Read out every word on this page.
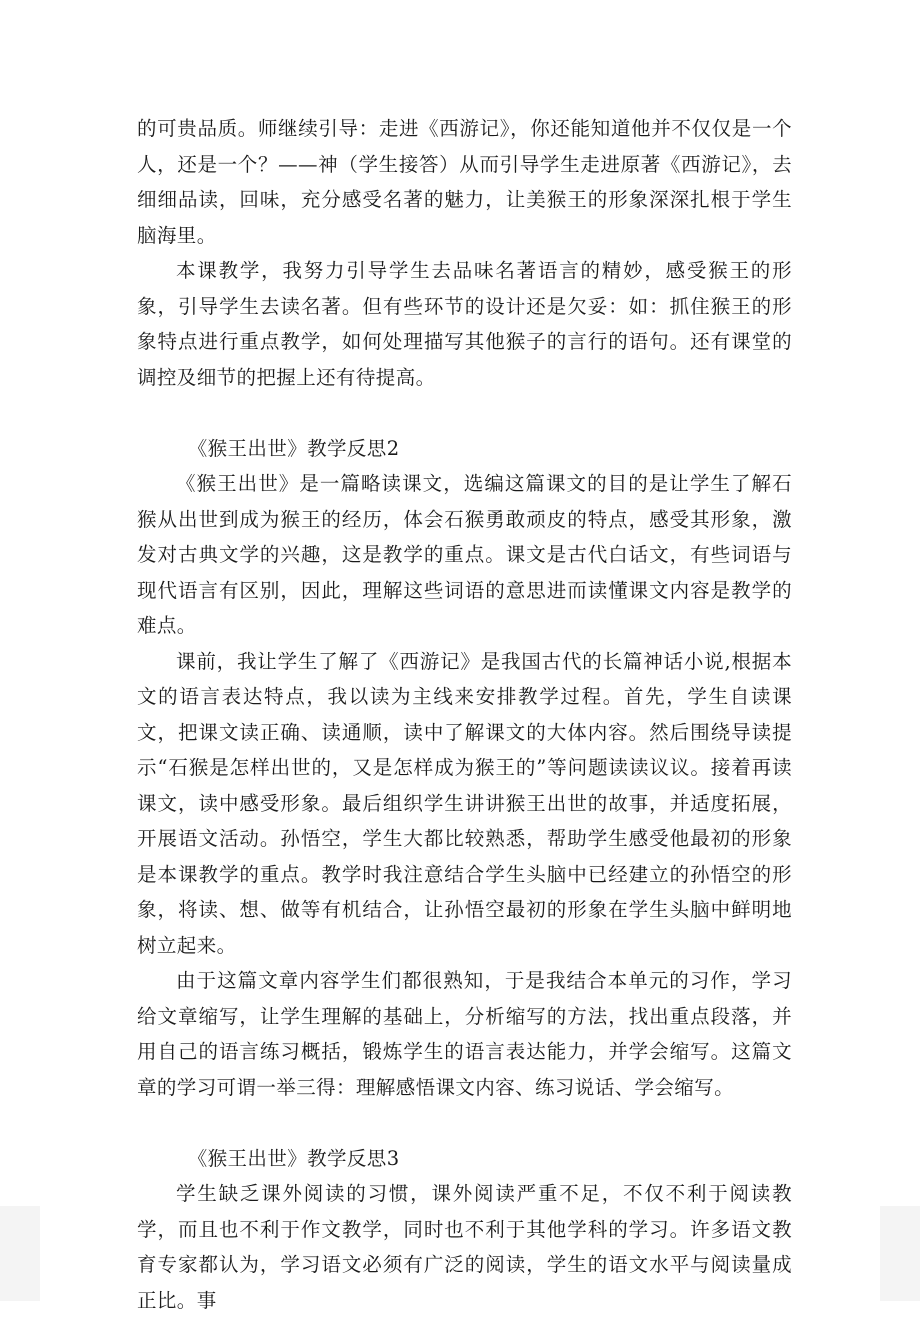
的可贵品质。师继续引导：走进《西游记》，你还能知道他并不仅仅是一个人，还是一个？——神（学生接答）从而引导学生走进原著《西游记》，去细细品读，回味，充分感受名著的魅力，让美猴王的形象深深扎根于学生脑海里。

本课教学，我努力引导学生去品味名著语言的精妙，感受猴王的形象，引导学生去读名著。但有些环节的设计还是欠妥：如：抓住猴王的形象特点进行重点教学，如何处理描写其他猴子的言行的语句。还有课堂的调控及细节的把握上还有待提高。

《猴王出世》教学反思2

《猴王出世》是一篇略读课文，选编这篇课文的目的是让学生了解石猴从出世到成为猴王的经历，体会石猴勇敢顽皮的特点，感受其形象，激发对古典文学的兴趣，这是教学的重点。课文是古代白话文，有些词语与现代语言有区别，因此，理解这些词语的意思进而读懂课文内容是教学的难点。

课前，我让学生了解了《西游记》是我国古代的长篇神话小说,根据本文的语言表达特点，我以读为主线来安排教学过程。首先，学生自读课文，把课文读正确、读通顺，读中了解课文的大体内容。然后围绕导读提示“石猴是怎样出世的，又是怎样成为猴王的”等问题读读议议。接着再读课文，读中感受形象。最后组织学生讲讲猴王出世的故事，并适度拓展，开展语文活动。孙悟空，学生大都比较熟悉，帮助学生感受他最初的形象是本课教学的重点。教学时我注意结合学生头脑中已经建立的孙悟空的形象，将读、想、做等有机结合，让孙悟空最初的形象在学生头脑中鲜明地树立起来。

由于这篇文章内容学生们都很熟知，于是我结合本单元的习作，学习给文章缩写，让学生理解的基础上，分析缩写的方法，找出重点段落，并用自己的语言练习概括，锻炼学生的语言表达能力，并学会缩写。这篇文章的学习可谓一举三得：理解感悟课文内容、练习说话、学会缩写。

《猴王出世》教学反思3

学生缺乏课外阅读的习惯，课外阅读严重不足，不仅不利于阅读教学，而且也不利于作文教学，同时也不利于其他学科的学习。许多语文教育专家都认为，学习语文必须有广泛的阅读，学生的语文水平与阅读量成正比。事
